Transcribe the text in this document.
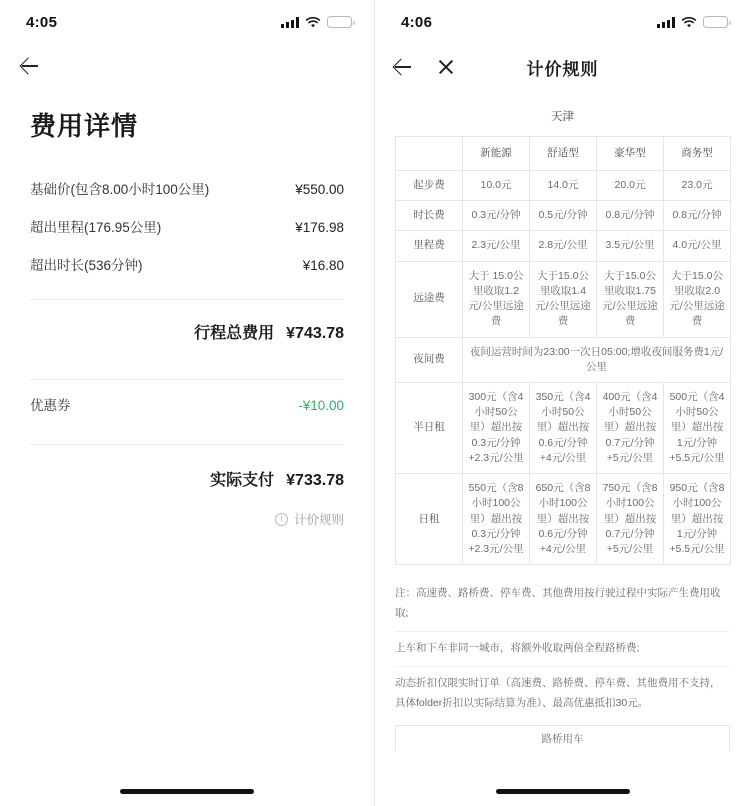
4:05
费用详情
基础价(包含8.00小时100公里)	¥550.00
超出里程(176.95公里)	¥176.98
超出时长(536分钟)	¥16.80
行程总费用 ¥743.78
优惠券	-¥10.00
实际支付 ¥733.78
i 计价规则
4:06
计价规则
天津
	新能源	舒适型	豪华型	商务型
起步费	10.0元	14.0元	20.0元	23.0元
时长费	0.3元/分钟	0.5元/分钟	0.8元/分钟	0.8元/分钟
里程费	2.3元/公里	2.8元/公里	3.5元/公里	4.0元/公里
远途费	大于 15.0公里收取1.2元/公里远途费	大于15.0公里收取1.4元/公里远途费	大于15.0公里收取1.75元/公里远途费	大于15.0公里收取2.0元/公里远途费
夜间费	夜间运营时间为23:00一次日05:00;增收夜间服务费1元/公里			
半日租	300元（含4小时50公里）超出按0.3元/分钟+2.3元/公里	350元（含4小时50公里）超出按0.6元/分钟+4元/公里	400元（含4小时50公里）超出按0.7元/分钟+5元/公里	500元（含4小时50公里）超出按1元/分钟+5.5元/公里
日租	550元（含8小时100公里）超出按0.3元/分钟+2.3元/公里	650元（含8小时100公里）超出按0.6元/分钟+4元/公里	750元（含8小时100公里）超出按0.7元/分钟+5元/公里	950元（含8小时100公里）超出按1元/分钟+5.5元/公里

注：高速费、路桥费、停车费、其他费用按行驶过程中实际产生费用收取;

上车和下车非同一城市，将额外收取两倍全程路桥费;

动态折扣仅限实时订单（高速费、路桥费、停车费、其他费用不支持，具体folder折扣以实际结算为准）、最高优惠抵扣30元。

路桥用车
